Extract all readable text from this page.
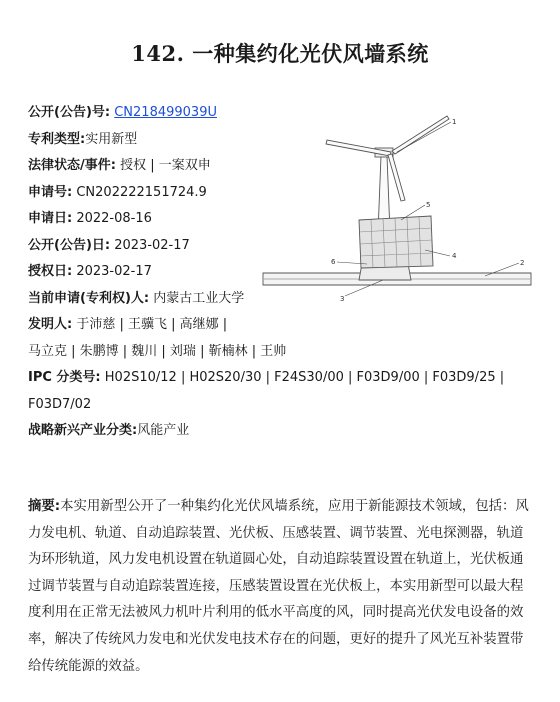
142. 一种集约化光伏风墙系统
公开(公告)号: CN218499039U
专利类型:实用新型
法律状态/事件: 授权 | 一案双申
申请号: CN202222151724.9
申请日: 2022-08-16
公开(公告)日: 2023-02-17
授权日: 2023-02-17
当前申请(专利权)人: 内蒙古工业大学
发明人: 于沛慈 | 王骥飞 | 高继娜 |
马立克 | 朱鹏博 | 魏川 | 刘瑞 | 靳楠林 | 王帅
IPC 分类号: H02S10/12 | H02S20/30 | F24S30/00 | F03D9/00 | F03D9/25 |
F03D7/02
战略新兴产业分类:风能产业
1
2
3
4
5
6
摘要:本实用新型公开了一种集约化光伏风墙系统，应用于新能源技术领域，包括：风力发电机、轨道、自动追踪装置、光伏板、压感装置、调节装置、光电探测器，轨道为环形轨道，风力发电机设置在轨道圆心处，自动追踪装置设置在轨道上，光伏板通过调节装置与自动追踪装置连接，压感装置设置在光伏板上，本实用新型可以最大程度利用在正常无法被风力机叶片利用的低水平高度的风，同时提高光伏发电设备的效率，解决了传统风力发电和光伏发电技术存在的问题，更好的提升了风光互补装置带给传统能源的效益。
